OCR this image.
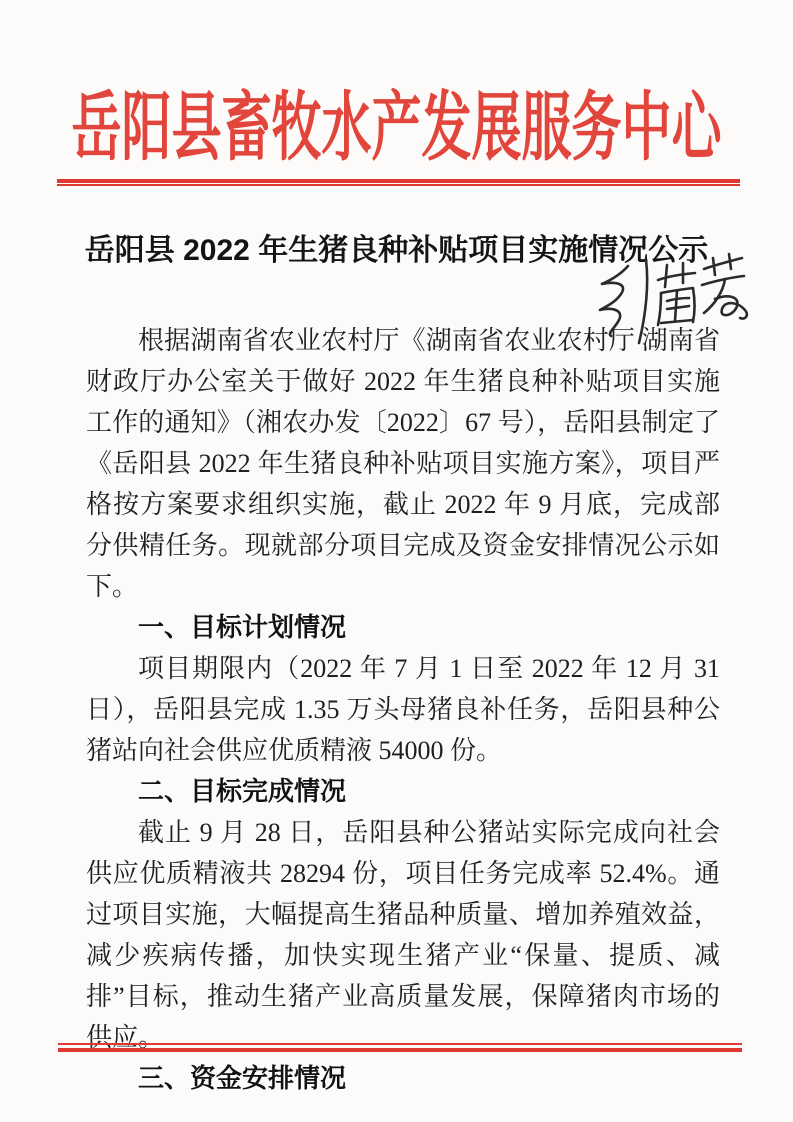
岳阳县畜牧水产发展服务中心
岳阳县 2022 年生猪良种补贴项目实施情况公示

根据湖南省农业农村厅《湖南省农业农村厅 湖南省财政厅办公室关于做好 2022 年生猪良种补贴项目实施工作的通知》（湘农办发〔2022〕67 号），岳阳县制定了《岳阳县 2022 年生猪良种补贴项目实施方案》，项目严格按方案要求组织实施，截止 2022 年 9 月底，完成部分供精任务。现就部分项目完成及资金安排情况公示如下。

一、目标计划情况

项目期限内（2022 年 7 月 1 日至 2022 年 12 月 31 日），岳阳县完成 1.35 万头母猪良补任务，岳阳县种公猪站向社会供应优质精液 54000 份。

二、目标完成情况

截止 9 月 28 日，岳阳县种公猪站实际完成向社会供应优质精液共 28294 份，项目任务完成率 52.4%。通过项目实施，大幅提高生猪品种质量、增加养殖效益，减少疾病传播，加快实现生猪产业“保量、提质、减排”目标，推动生猪产业高质量发展，保障猪肉市场的供应。

三、资金安排情况
